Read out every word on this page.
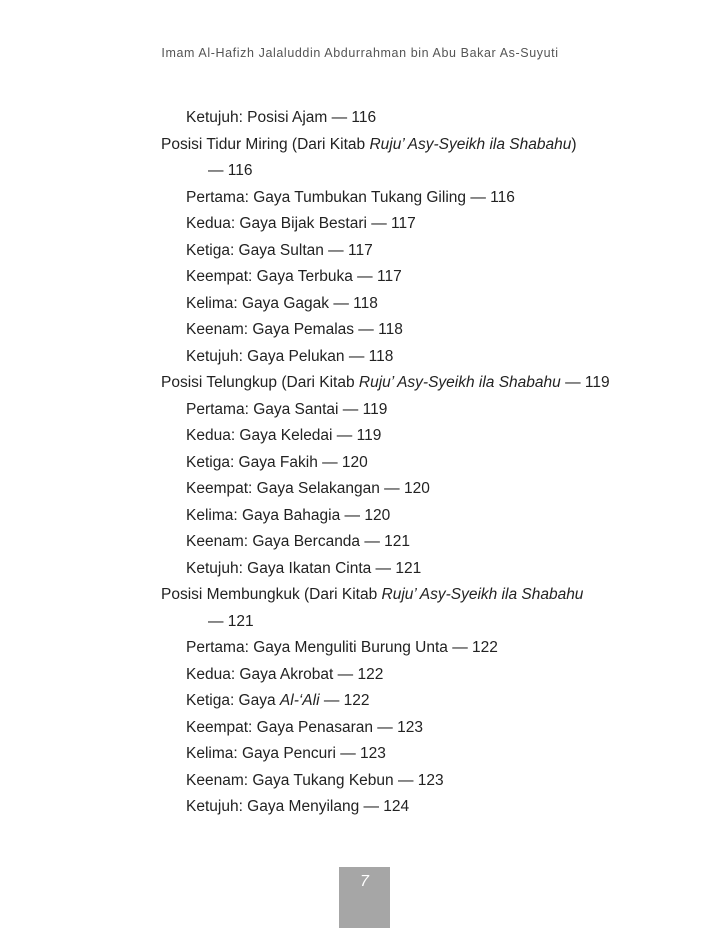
Imam Al-Hafizh Jalaluddin Abdurrahman bin Abu Bakar As-Suyuti
Ketujuh: Posisi Ajam — 116
Posisi Tidur Miring (Dari Kitab Ruju’ Asy-Syeikh ila Shabahu)
— 116
Pertama: Gaya Tumbukan Tukang Giling — 116
Kedua: Gaya Bijak Bestari — 117
Ketiga: Gaya Sultan — 117
Keempat: Gaya Terbuka — 117
Kelima: Gaya Gagak — 118
Keenam: Gaya Pemalas — 118
Ketujuh: Gaya Pelukan — 118
Posisi Telungkup (Dari Kitab Ruju’ Asy-Syeikh ila Shabahu — 119
Pertama: Gaya Santai — 119
Kedua: Gaya Keledai — 119
Ketiga: Gaya Fakih — 120
Keempat: Gaya Selakangan — 120
Kelima: Gaya Bahagia — 120
Keenam: Gaya Bercanda — 121
Ketujuh: Gaya Ikatan Cinta — 121
Posisi Membungkuk (Dari Kitab Ruju’ Asy-Syeikh ila Shabahu
— 121
Pertama: Gaya Menguliti Burung Unta — 122
Kedua: Gaya Akrobat — 122
Ketiga: Gaya Al-‘Ali — 122
Keempat: Gaya Penasaran — 123
Kelima: Gaya Pencuri — 123
Keenam: Gaya Tukang Kebun — 123
Ketujuh: Gaya Menyilang — 124
7
